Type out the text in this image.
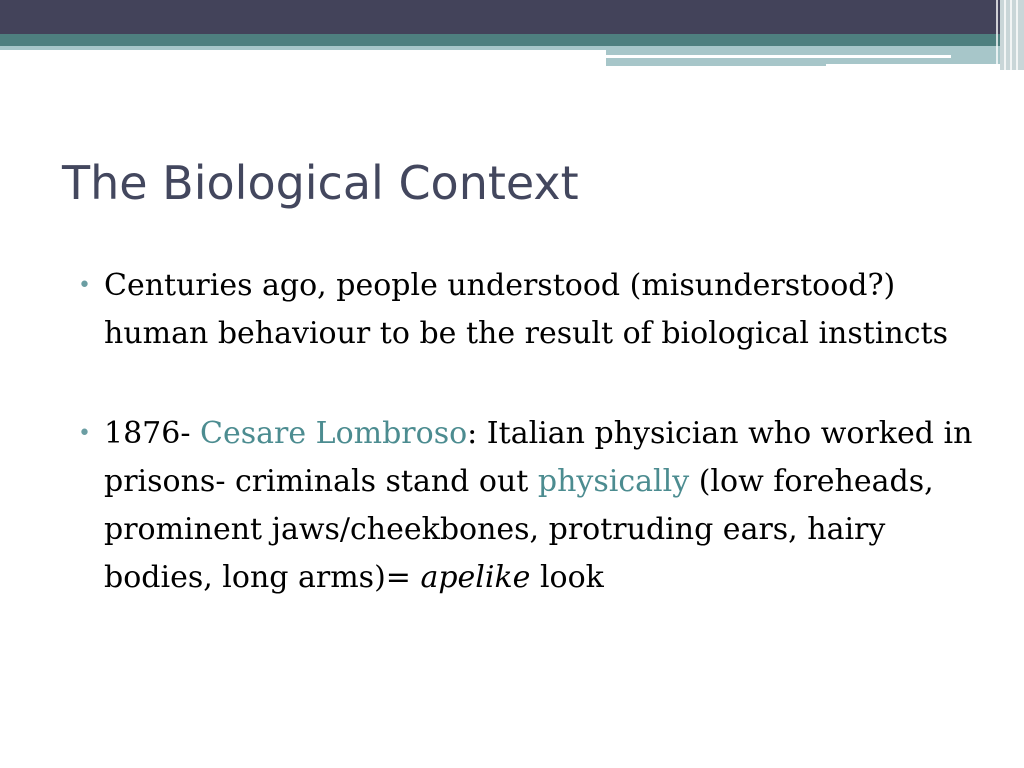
The Biological Context
• Centuries ago, people understood (misunderstood?) human behaviour to be the result of biological instincts
• 1876- Cesare Lombroso: Italian physician who worked in prisons- criminals stand out physically (low foreheads, prominent jaws/cheekbones, protruding ears, hairy bodies, long arms)= apelike look
